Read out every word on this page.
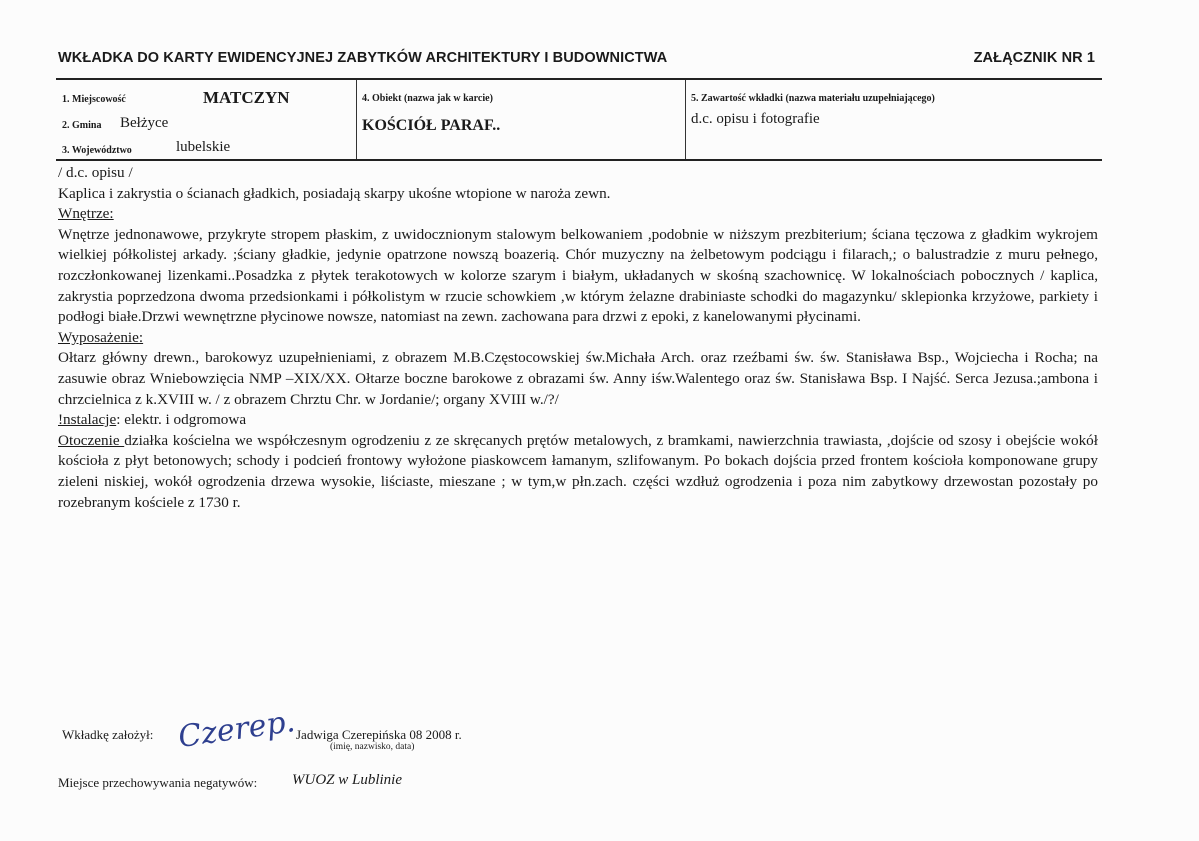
WKŁADKA DO KARTY EWIDENCYJNEJ ZABYTKÓW ARCHITEKTURY I BUDOWNICTWA	ZAŁĄCZNIK NR 1
1. Miejscowość	MATCZYN
2. Gmina Bełżyce
3. Województwo	lubelskie
4. Obiekt (nazwa jak w karcie)
KOŚCIÓŁ PARAF..
5. Zawartość wkładki (nazwa materiału uzupełniającego)
d.c. opisu i fotografie

/ d.c. opisu /

Kaplica i zakrystia o ścianach gładkich, posiadają skarpy ukośne wtopione w naroża zewn.

Wnętrze:

Wnętrze jednonawowe, przykryte stropem płaskim, z uwidocznionym stalowym belkowaniem ,podobnie w niższym prezbiterium; ściana tęczowa z gładkim wykrojem wielkiej półkolistej arkady. ;ściany gładkie, jedynie opatrzone nowszą boazerią. Chór muzyczny na żelbetowym podciągu i filarach,; o balustradzie z muru pełnego, rozczłonkowanej lizenkami..Posadzka z płytek terakotowych w kolorze szarym i białym, układanych w skośną szachownicę. W lokalnościach pobocznych / kaplica, zakrystia poprzedzona dwoma przedsionkami i półkolistym w rzucie schowkiem ,w którym żelazne drabiniaste schodki do magazynku/ sklepionka krzyżowe, parkiety i podłogi białe.Drzwi wewnętrzne płycinowe nowsze, natomiast na zewn. zachowana para drzwi z epoki, z kanelowanymi płycinami.

Wyposażenie:

Ołtarz główny drewn., barokowyz uzupełnieniami, z obrazem M.B.Częstocowskiej św.Michała Arch. oraz rzeźbami św. św. Stanisława Bsp., Wojciecha i Rocha; na zasuwie obraz Wniebowzięcia NMP –XIX/XX. Ołtarze boczne barokowe z obrazami św. Anny iśw.Walentego oraz św. Stanisława Bsp. I Najść. Serca Jezusa.;ambona i chrzcielnica z k.XVIII w. / z obrazem Chrztu Chr. w Jordanie/; organy XVIII w./?/

!nstalacje: elektr. i odgromowa

Otoczenie działka kościelna we współczesnym ogrodzeniu z ze skręcanych prętów metalowych, z bramkami, nawierzchnia trawiasta, ,dojście od szosy i obejście wokół kościoła z płyt betonowych; schody i podcień frontowy wyłożone piaskowcem łamanym, szlifowanym. Po bokach dojścia przed frontem kościoła komponowane grupy zieleni niskiej, wokół ogrodzenia drzewa wysokie, liściaste, mieszane ; w tym,w płn.zach. części wzdłuż ogrodzenia i poza nim zabytkowy drzewostan pozostały po rozebranym kościele z 1730 r.

Wkładkę założył: Czerep.
Jadwiga Czerepińska 08 2008 r.
(imię, nazwisko, data)
Miejsce przechowywania negatywów: WUOZ w Lublinie
